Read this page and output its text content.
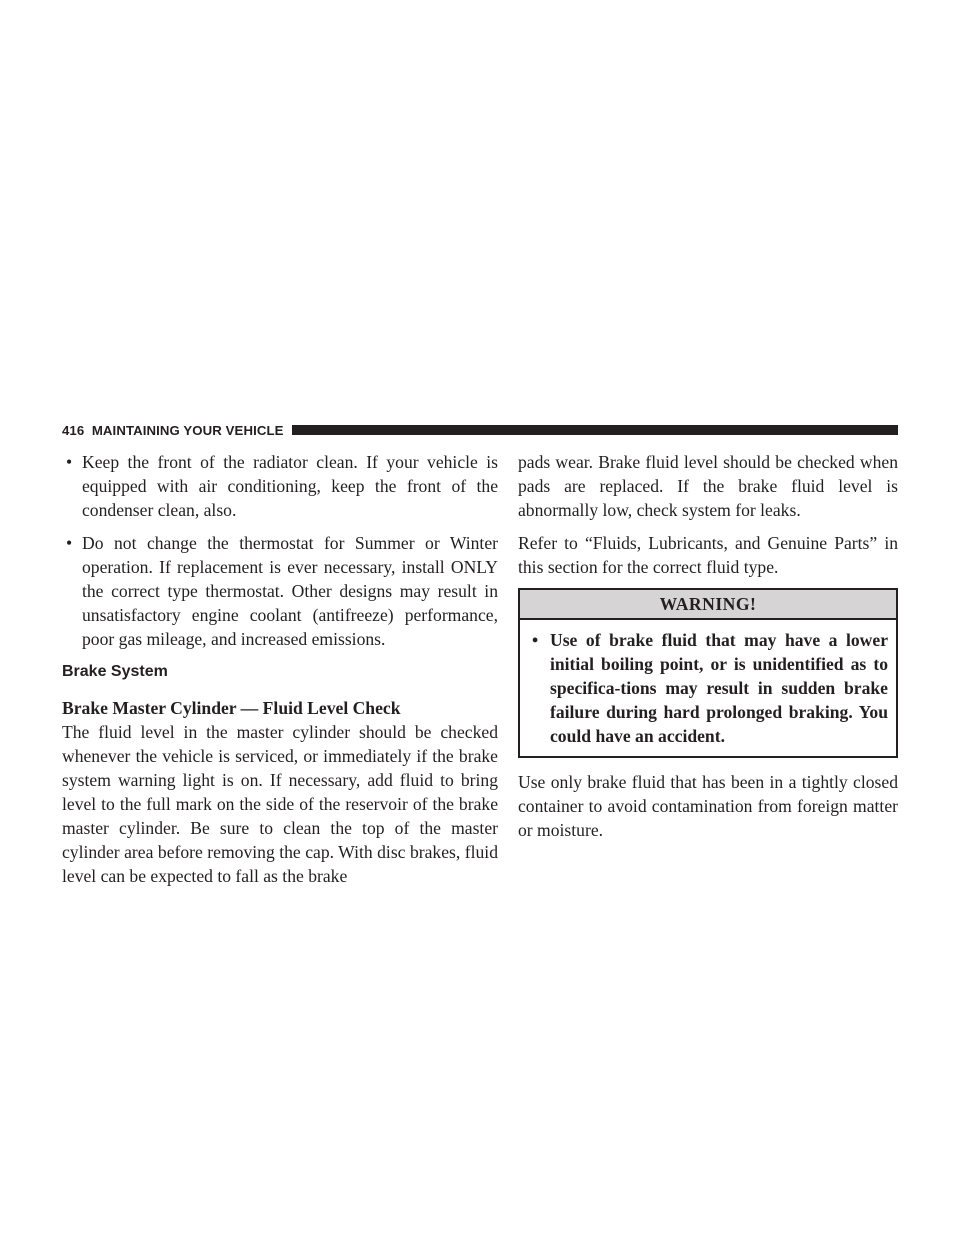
416 MAINTAINING YOUR VEHICLE

• Keep the front of the radiator clean. If your vehicle is equipped with air conditioning, keep the front of the condenser clean, also.

• Do not change the thermostat for Summer or Winter operation. If replacement is ever necessary, install ONLY the correct type thermostat. Other designs may result in unsatisfactory engine coolant (antifreeze) performance, poor gas mileage, and increased emissions.

Brake System

Brake Master Cylinder — Fluid Level Check

The fluid level in the master cylinder should be checked whenever the vehicle is serviced, or immediately if the brake system warning light is on. If necessary, add fluid to bring level to the full mark on the side of the reservoir of the brake master cylinder. Be sure to clean the top of the master cylinder area before removing the cap. With disc brakes, fluid level can be expected to fall as the brake

pads wear. Brake fluid level should be checked when pads are replaced. If the brake fluid level is abnormally low, check system for leaks.

Refer to “Fluids, Lubricants, and Genuine Parts” in this section for the correct fluid type.

WARNING!

• Use of brake fluid that may have a lower initial boiling point, or is unidentified as to specifica-tions may result in sudden brake failure during hard prolonged braking. You could have an accident.

Use only brake fluid that has been in a tightly closed container to avoid contamination from foreign matter or moisture.
